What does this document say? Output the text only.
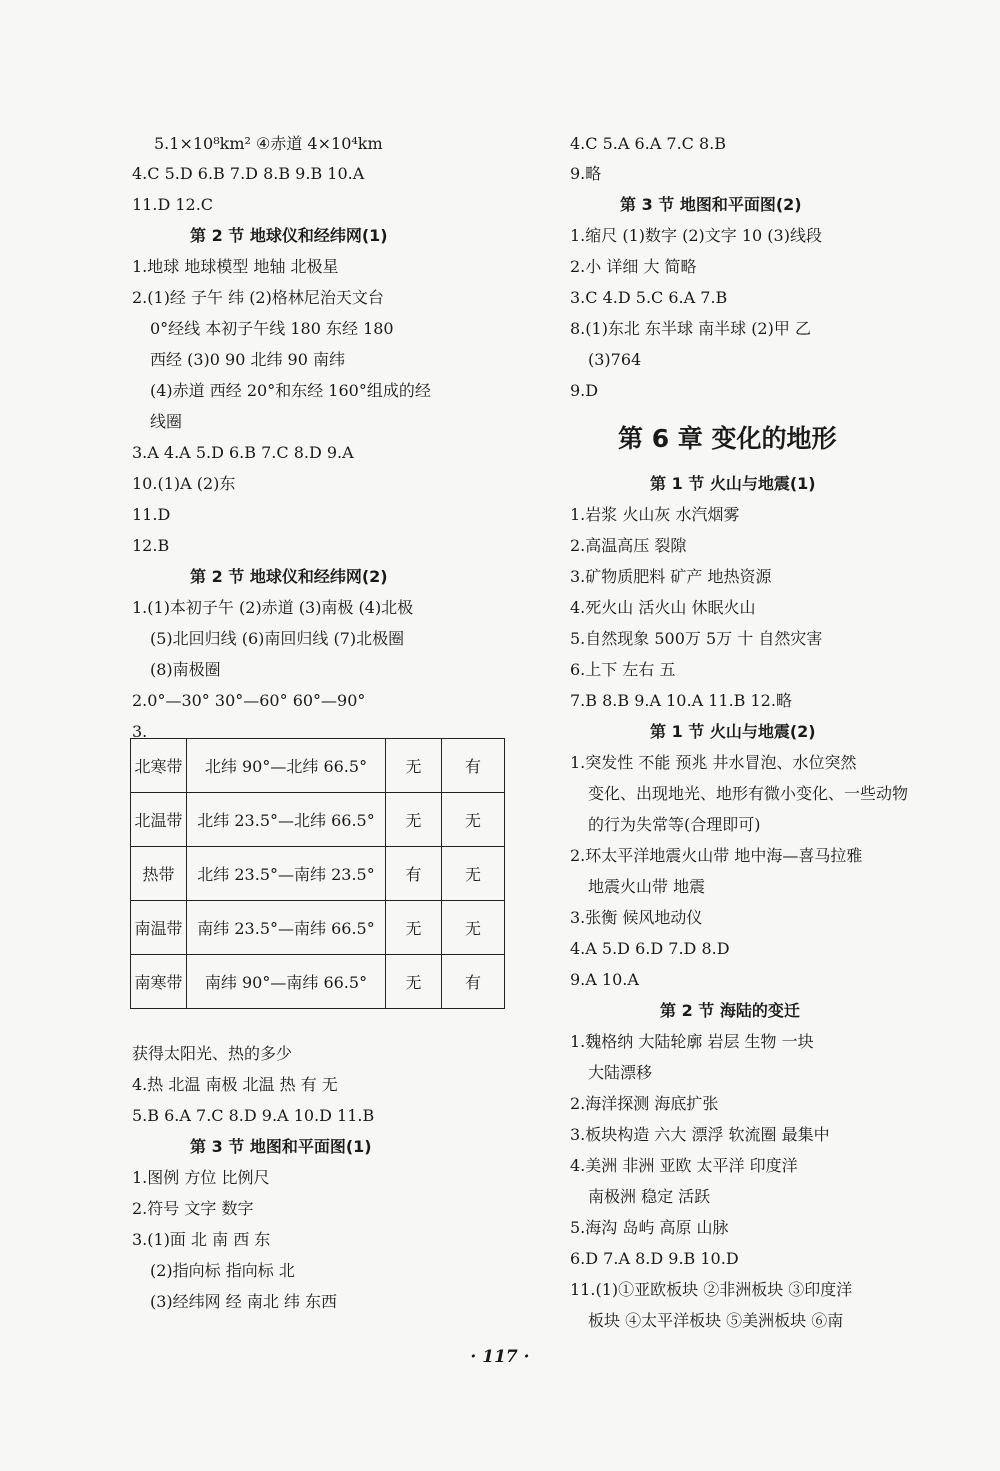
5.1×10⁸km² ④赤道 4×10⁴km
4.C 5.D 6.B 7.D 8.B 9.B 10.A
11.D 12.C
第 2 节 地球仪和经纬网(1)
1.地球 地球模型 地轴 北极星
2.(1)经 子午 纬 (2)格林尼治天文台
0°经线 本初子午线 180 东经 180
西经 (3)0 90 北纬 90 南纬
(4)赤道 西经 20°和东经 160°组成的经
线圈
3.A 4.A 5.D 6.B 7.C 8.D 9.A
10.(1)A (2)东
11.D
12.B
第 2 节 地球仪和经纬网(2)
1.(1)本初子午 (2)赤道 (3)南极 (4)北极
(5)北回归线 (6)南回归线 (7)北极圈
(8)南极圈
2.0°—30° 30°—60° 60°—90°
3.
获得太阳光、热的多少
4.热 北温 南极 北温 热 有 无
5.B 6.A 7.C 8.D 9.A 10.D 11.B
第 3 节 地图和平面图(1)
1.图例 方位 比例尺
2.符号 文字 数字
3.(1)面 北 南 西 东
(2)指向标 指向标 北
(3)经纬网 经 南北 纬 东西
4.C 5.A 6.A 7.C 8.B
9.略
第 3 节 地图和平面图(2)
1.缩尺 (1)数字 (2)文字 10 (3)线段
2.小 详细 大 简略
3.C 4.D 5.C 6.A 7.B
8.(1)东北 东半球 南半球 (2)甲 乙
(3)764
9.D
第 6 章 变化的地形
第 1 节 火山与地震(1)
1.岩浆 火山灰 水汽烟雾
2.高温高压 裂隙
3.矿物质肥料 矿产 地热资源
4.死火山 活火山 休眠火山
5.自然现象 500万 5万 十 自然灾害
6.上下 左右 五
7.B 8.B 9.A 10.A 11.B 12.略
第 1 节 火山与地震(2)
1.突发性 不能 预兆 井水冒泡、水位突然
变化、出现地光、地形有微小变化、一些动物
的行为失常等(合理即可)
2.环太平洋地震火山带 地中海—喜马拉雅
地震火山带 地震
3.张衡 候风地动仪
4.A 5.D 6.D 7.D 8.D
9.A 10.A
第 2 节 海陆的变迁
1.魏格纳 大陆轮廓 岩层 生物 一块
大陆漂移
2.海洋探测 海底扩张
3.板块构造 六大 漂浮 软流圈 最集中
4.美洲 非洲 亚欧 太平洋 印度洋
南极洲 稳定 活跃
5.海沟 岛屿 高原 山脉
6.D 7.A 8.D 9.B 10.D
11.(1)①亚欧板块 ②非洲板块 ③印度洋
板块 ④太平洋板块 ⑤美洲板块 ⑥南
北寒带	北纬 90°—北纬 66.5°	无	有
北温带	北纬 23.5°—北纬 66.5°	无	无
热带	北纬 23.5°—南纬 23.5°	有	无
南温带	南纬 23.5°—南纬 66.5°	无	无
南寒带	南纬 90°—南纬 66.5°	无	有
· 117 ·
